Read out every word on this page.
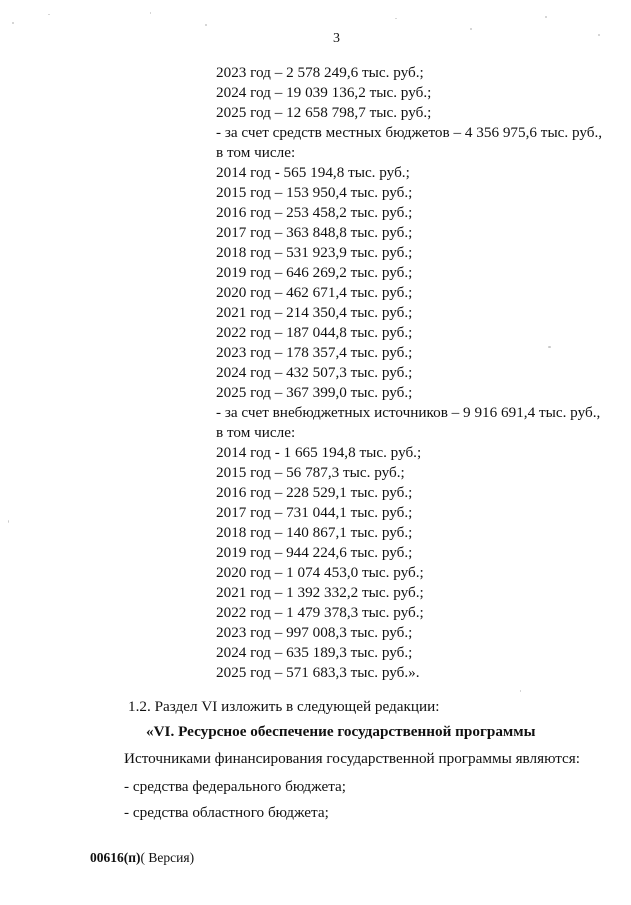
3
2023 год – 2 578 249,6 тыс. руб.;
2024 год – 19 039 136,2 тыс. руб.;
2025 год – 12 658 798,7 тыс. руб.;
- за счет средств местных бюджетов – 4 356 975,6 тыс. руб.,
в том числе:
2014 год - 565 194,8 тыс. руб.;
2015 год – 153 950,4 тыс. руб.;
2016 год – 253 458,2 тыс. руб.;
2017 год – 363 848,8 тыс. руб.;
2018 год – 531 923,9 тыс. руб.;
2019 год – 646 269,2 тыс. руб.;
2020 год – 462 671,4 тыс. руб.;
2021 год – 214 350,4 тыс. руб.;
2022 год – 187 044,8 тыс. руб.;
2023 год – 178 357,4 тыс. руб.;
2024 год – 432 507,3 тыс. руб.;
2025 год – 367 399,0 тыс. руб.;
- за счет внебюджетных источников – 9 916 691,4 тыс. руб.,
в том числе:
2014 год - 1 665 194,8 тыс. руб.;
2015 год – 56 787,3 тыс. руб.;
2016 год – 228 529,1 тыс. руб.;
2017 год – 731 044,1 тыс. руб.;
2018 год – 140 867,1 тыс. руб.;
2019 год – 944 224,6 тыс. руб.;
2020 год – 1 074 453,0 тыс. руб.;
2021 год – 1 392 332,2 тыс. руб.;
2022 год – 1 479 378,3 тыс. руб.;
2023 год – 997 008,3 тыс. руб.;
2024 год – 635 189,3 тыс. руб.;
2025 год – 571 683,3 тыс. руб.».

1.2. Раздел VI изложить в следующей редакции:

«VI. Ресурсное обеспечение государственной программы

Источниками финансирования государственной программы являются:

- средства федерального бюджета;

- средства областного бюджета;

00616(п)( Версия)
